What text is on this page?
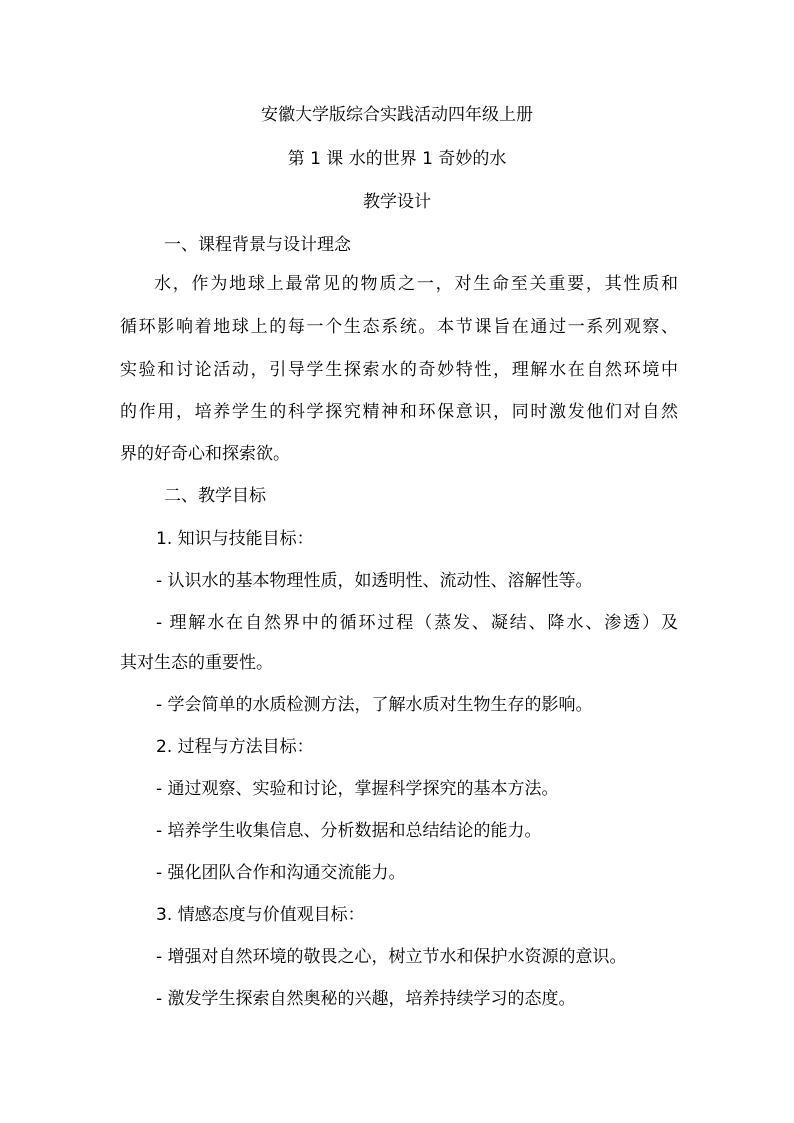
安徽大学版综合实践活动四年级上册
第 1 课 水的世界 1 奇妙的水
教学设计
一、课程背景与设计理念
水，作为地球上最常见的物质之一，对生命至关重要，其性质和
循环影响着地球上的每一个生态系统。本节课旨在通过一系列观察、
实验和讨论活动，引导学生探索水的奇妙特性，理解水在自然环境中
的作用，培养学生的科学探究精神和环保意识，同时激发他们对自然
界的好奇心和探索欲。
二、教学目标
1. 知识与技能目标：
- 认识水的基本物理性质，如透明性、流动性、溶解性等。
- 理解水在自然界中的循环过程（蒸发、凝结、降水、渗透）及
其对生态的重要性。
- 学会简单的水质检测方法，了解水质对生物生存的影响。
2. 过程与方法目标：
- 通过观察、实验和讨论，掌握科学探究的基本方法。
- 培养学生收集信息、分析数据和总结结论的能力。
- 强化团队合作和沟通交流能力。
3. 情感态度与价值观目标：
- 增强对自然环境的敬畏之心，树立节水和保护水资源的意识。
- 激发学生探索自然奥秘的兴趣，培养持续学习的态度。
